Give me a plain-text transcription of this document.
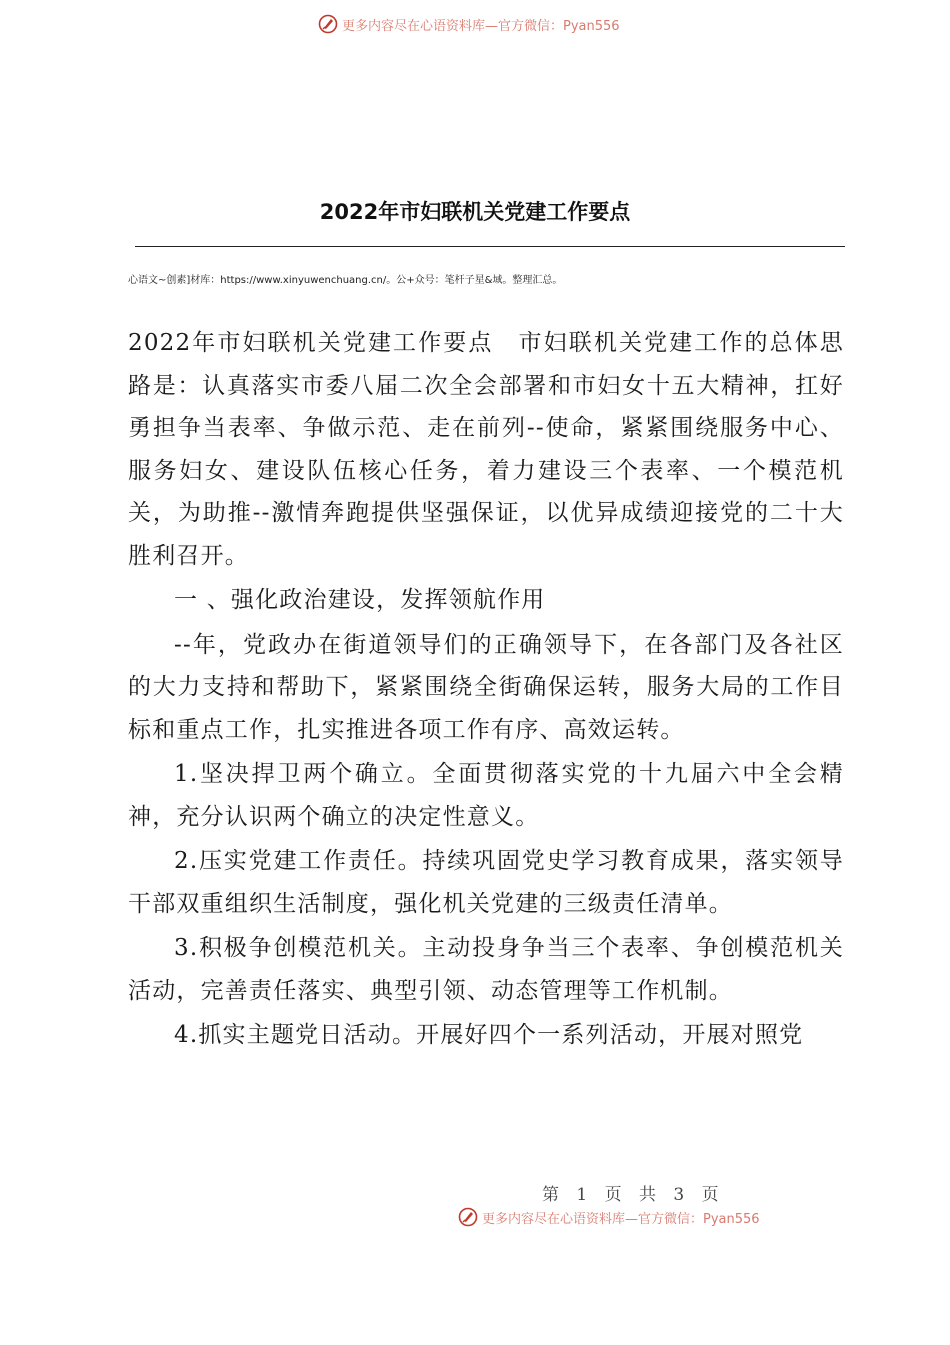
更多内容尽在心语资料库—官方微信：Pyan556
2022年市妇联机关党建工作要点
心语文~创素]材库：https://www.xinyuwenchuang.cn/。公+众号：笔杆子星&域。整理汇总。

2022年市妇联机关党建工作要点　市妇联机关党建工作的总体思路是：认真落实市委八届二次全会部署和市妇女十五大精神，扛好勇担争当表率、争做示范、走在前列--使命，紧紧围绕服务中心、服务妇女、建设队伍核心任务，着力建设三个表率、一个模范机关，为助推--激情奔跑提供坚强保证，以优异成绩迎接党的二十大胜利召开。

一 、强化政治建设，发挥领航作用

--年，党政办在街道领导们的正确领导下，在各部门及各社区的大力支持和帮助下，紧紧围绕全街确保运转，服务大局的工作目标和重点工作，扎实推进各项工作有序、高效运转。

1.坚决捍卫两个确立。全面贯彻落实党的十九届六中全会精神，充分认识两个确立的决定性意义。

2.压实党建工作责任。持续巩固党史学习教育成果，落实领导干部双重组织生活制度，强化机关党建的三级责任清单。

3.积极争创模范机关。主动投身争当三个表率、争创模范机关活动，完善责任落实、典型引领、动态管理等工作机制。

4.抓实主题党日活动。开展好四个一系列活动，开展对照党

第 1 页 共 3 页
更多内容尽在心语资料库—官方微信：Pyan556
